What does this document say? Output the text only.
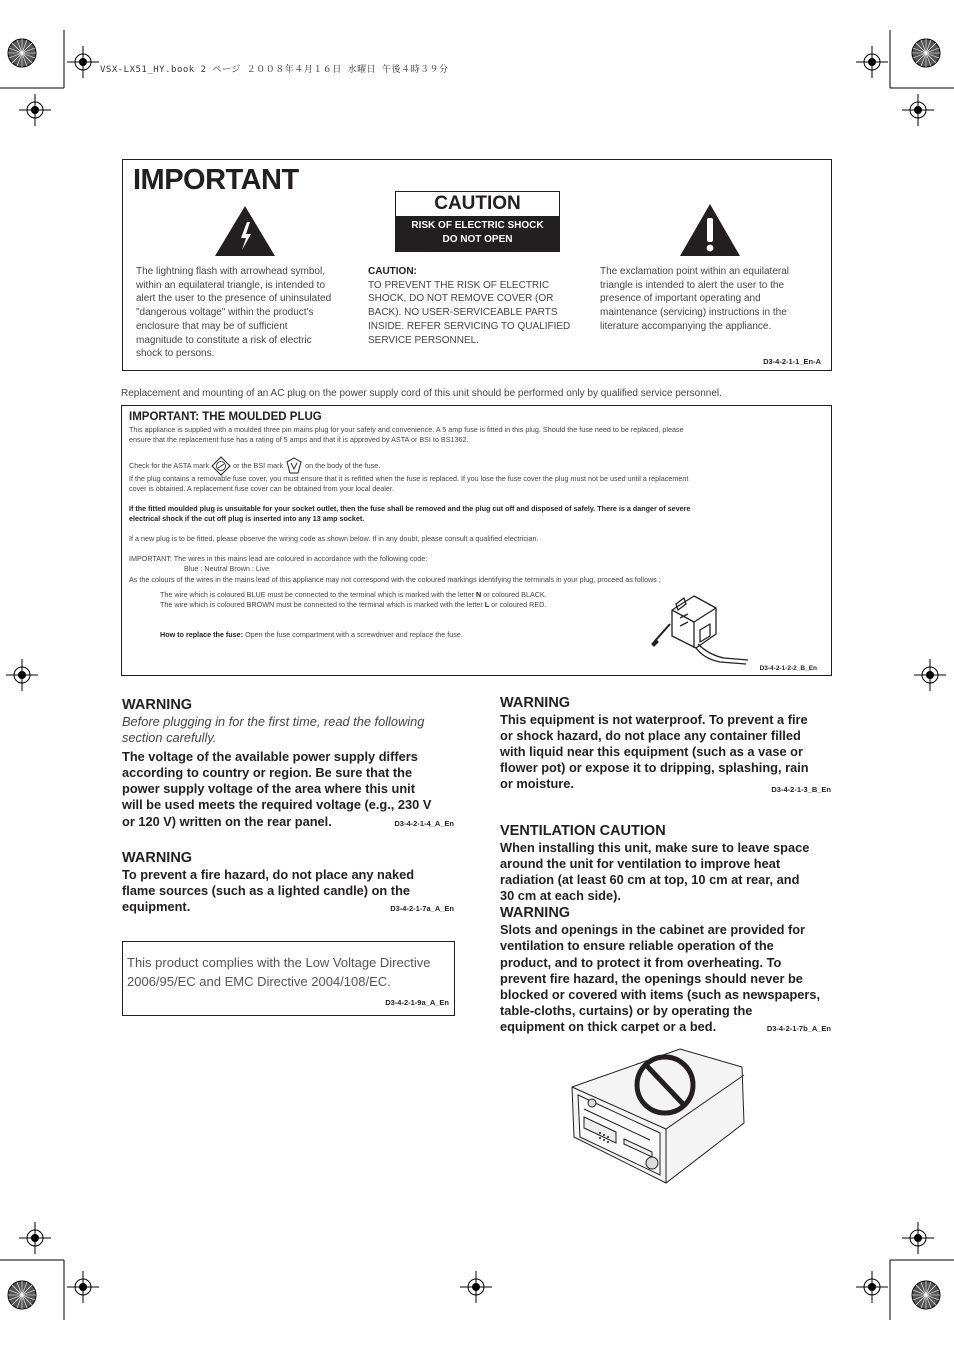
VSX-LX51_HY.book 2 ページ ２００８年４月１６日 水曜日 午後４時３９分
IMPORTANT
CAUTION
RISK OF ELECTRIC SHOCK
DO NOT OPEN
The lightning flash with arrowhead symbol,
within an equilateral triangle, is intended to
alert the user to the presence of uninsulated
"dangerous voltage" within the product's
enclosure that may be of sufficient
magnitude to constitute a risk of electric
shock to persons.
CAUTION:
TO PREVENT THE RISK OF ELECTRIC
SHOCK, DO NOT REMOVE COVER (OR
BACK). NO USER-SERVICEABLE PARTS
INSIDE. REFER SERVICING TO QUALIFIED
SERVICE PERSONNEL.
The exclamation point within an equilateral
triangle is intended to alert the user to the
presence of important operating and
maintenance (servicing) instructions in the
literature accompanying the appliance.
D3-4-2-1-1_En-A
Replacement and mounting of an AC plug on the power supply cord of this unit should be performed only by qualified service personnel.
IMPORTANT: THE MOULDED PLUG
This appliance is supplied with a moulded three pin mains plug for your safety and convenience. A 5 amp fuse is fitted in this plug. Should the fuse need to be replaced, please
ensure that the replacement fuse has a rating of 5 amps and that it is approved by ASTA or BSI to BS1362.
Check for the ASTA mark	or the BSI mark	on the body of the fuse.
If the plug contains a removable fuse cover, you must ensure that it is refitted when the fuse is replaced. If you lose the fuse cover the plug must not be used until a replacement
cover is obtained. A replacement fuse cover can be obtained from your local dealer.
If the fitted moulded plug is unsuitable for your socket outlet, then the fuse shall be removed and the plug cut off and disposed of safely. There is a danger of severe
electrical shock if the cut off plug is inserted into any 13 amp socket.
If a new plug is to be fitted, please observe the wiring code as shown below. If in any doubt, please consult a qualified electrician.
IMPORTANT: The wires in this mains lead are coloured in accordance with the following code:
Blue : Neutral Brown : Live
As the colours of the wires in the mains lead of this appliance may not correspond with the coloured markings identifying the terminals in your plug, proceed as follows ;
The wire which is coloured BLUE must be connected to the terminal which is marked with the letter N or coloured BLACK.
The wire which is coloured BROWN must be connected to the terminal which is marked with the letter L or coloured RED.
How to replace the fuse: Open the fuse compartment with a screwdriver and replace the fuse.
D3-4-2-1-2-2_B_En
WARNING
Before plugging in for the first time, read the following
section carefully.
The voltage of the available power supply differs
according to country or region. Be sure that the
power supply voltage of the area where this unit
will be used meets the required voltage (e.g., 230 V
or 120 V) written on the rear panel.	D3-4-2-1-4_A_En
WARNING
To prevent a fire hazard, do not place any naked
flame sources (such as a lighted candle) on the
equipment.	D3-4-2-1-7a_A_En
This product complies with the Low Voltage Directive
2006/95/EC and EMC Directive 2004/108/EC.
D3-4-2-1-9a_A_En
WARNING
This equipment is not waterproof. To prevent a fire
or shock hazard, do not place any container filled
with liquid near this equipment (such as a vase or
flower pot) or expose it to dripping, splashing, rain
or moisture.	D3-4-2-1-3_B_En
VENTILATION CAUTION
When installing this unit, make sure to leave space
around the unit for ventilation to improve heat
radiation (at least 60 cm at top, 10 cm at rear, and
30 cm at each side).
WARNING
Slots and openings in the cabinet are provided for
ventilation to ensure reliable operation of the
product, and to protect it from overheating. To
prevent fire hazard, the openings should never be
blocked or covered with items (such as newspapers,
table-cloths, curtains) or by operating the
equipment on thick carpet or a bed.	D3-4-2-1-7b_A_En
